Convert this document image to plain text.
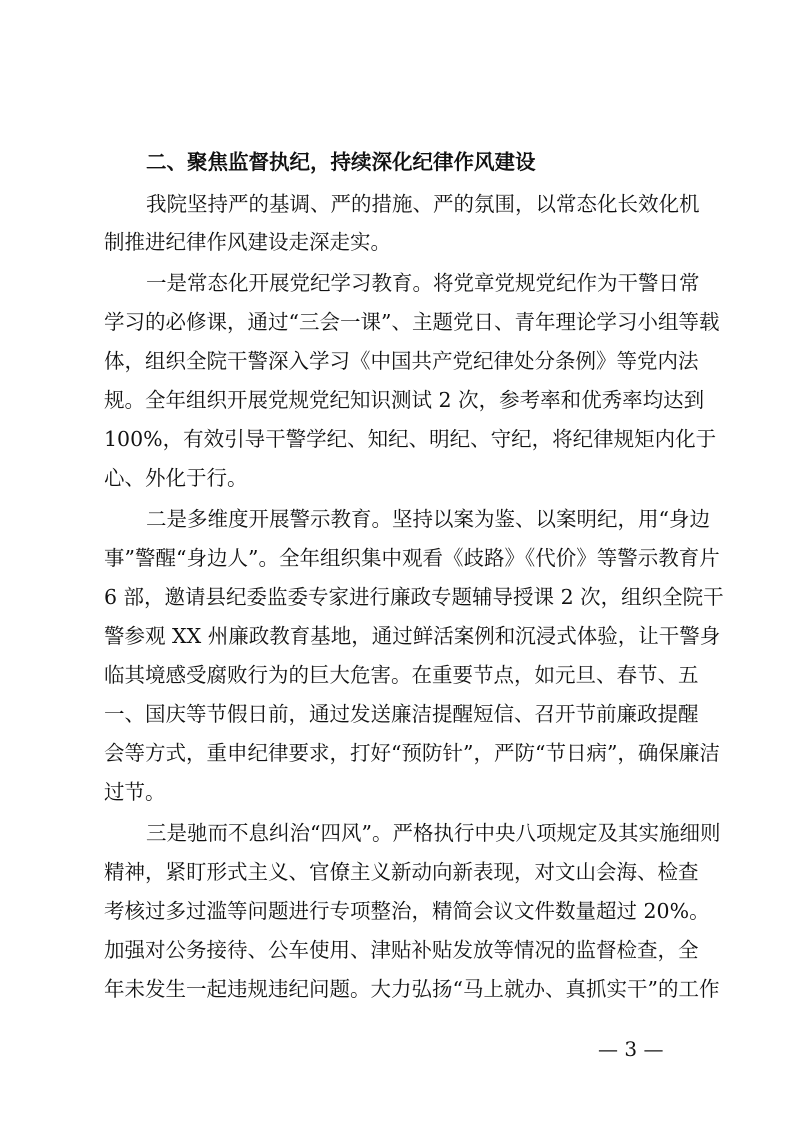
二、聚焦监督执纪，持续深化纪律作风建设
我院坚持严的基调、严的措施、严的氛围，以常态化长效化机
制推进纪律作风建设走深走实。
一是常态化开展党纪学习教育。将党章党规党纪作为干警日常
学习的必修课，通过“三会一课”、主题党日、青年理论学习小组等载
体，组织全院干警深入学习《中国共产党纪律处分条例》等党内法
规。全年组织开展党规党纪知识测试 2 次，参考率和优秀率均达到
100%，有效引导干警学纪、知纪、明纪、守纪，将纪律规矩内化于
心、外化于行。
二是多维度开展警示教育。坚持以案为鉴、以案明纪，用“身边
事”警醒“身边人”。全年组织集中观看《歧路》《代价》等警示教育片
6 部，邀请县纪委监委专家进行廉政专题辅导授课 2 次，组织全院干
警参观 XX 州廉政教育基地，通过鲜活案例和沉浸式体验，让干警身
临其境感受腐败行为的巨大危害。在重要节点，如元旦、春节、五
一、国庆等节假日前，通过发送廉洁提醒短信、召开节前廉政提醒
会等方式，重申纪律要求，打好“预防针”，严防“节日病”，确保廉洁
过节。
三是驰而不息纠治“四风”。严格执行中央八项规定及其实施细则
精神，紧盯形式主义、官僚主义新动向新表现，对文山会海、检查
考核过多过滥等问题进行专项整治，精简会议文件数量超过 20%。
加强对公务接待、公车使用、津贴补贴发放等情况的监督检查，全
年未发生一起违规违纪问题。大力弘扬“马上就办、真抓实干”的工作
— 3 —
